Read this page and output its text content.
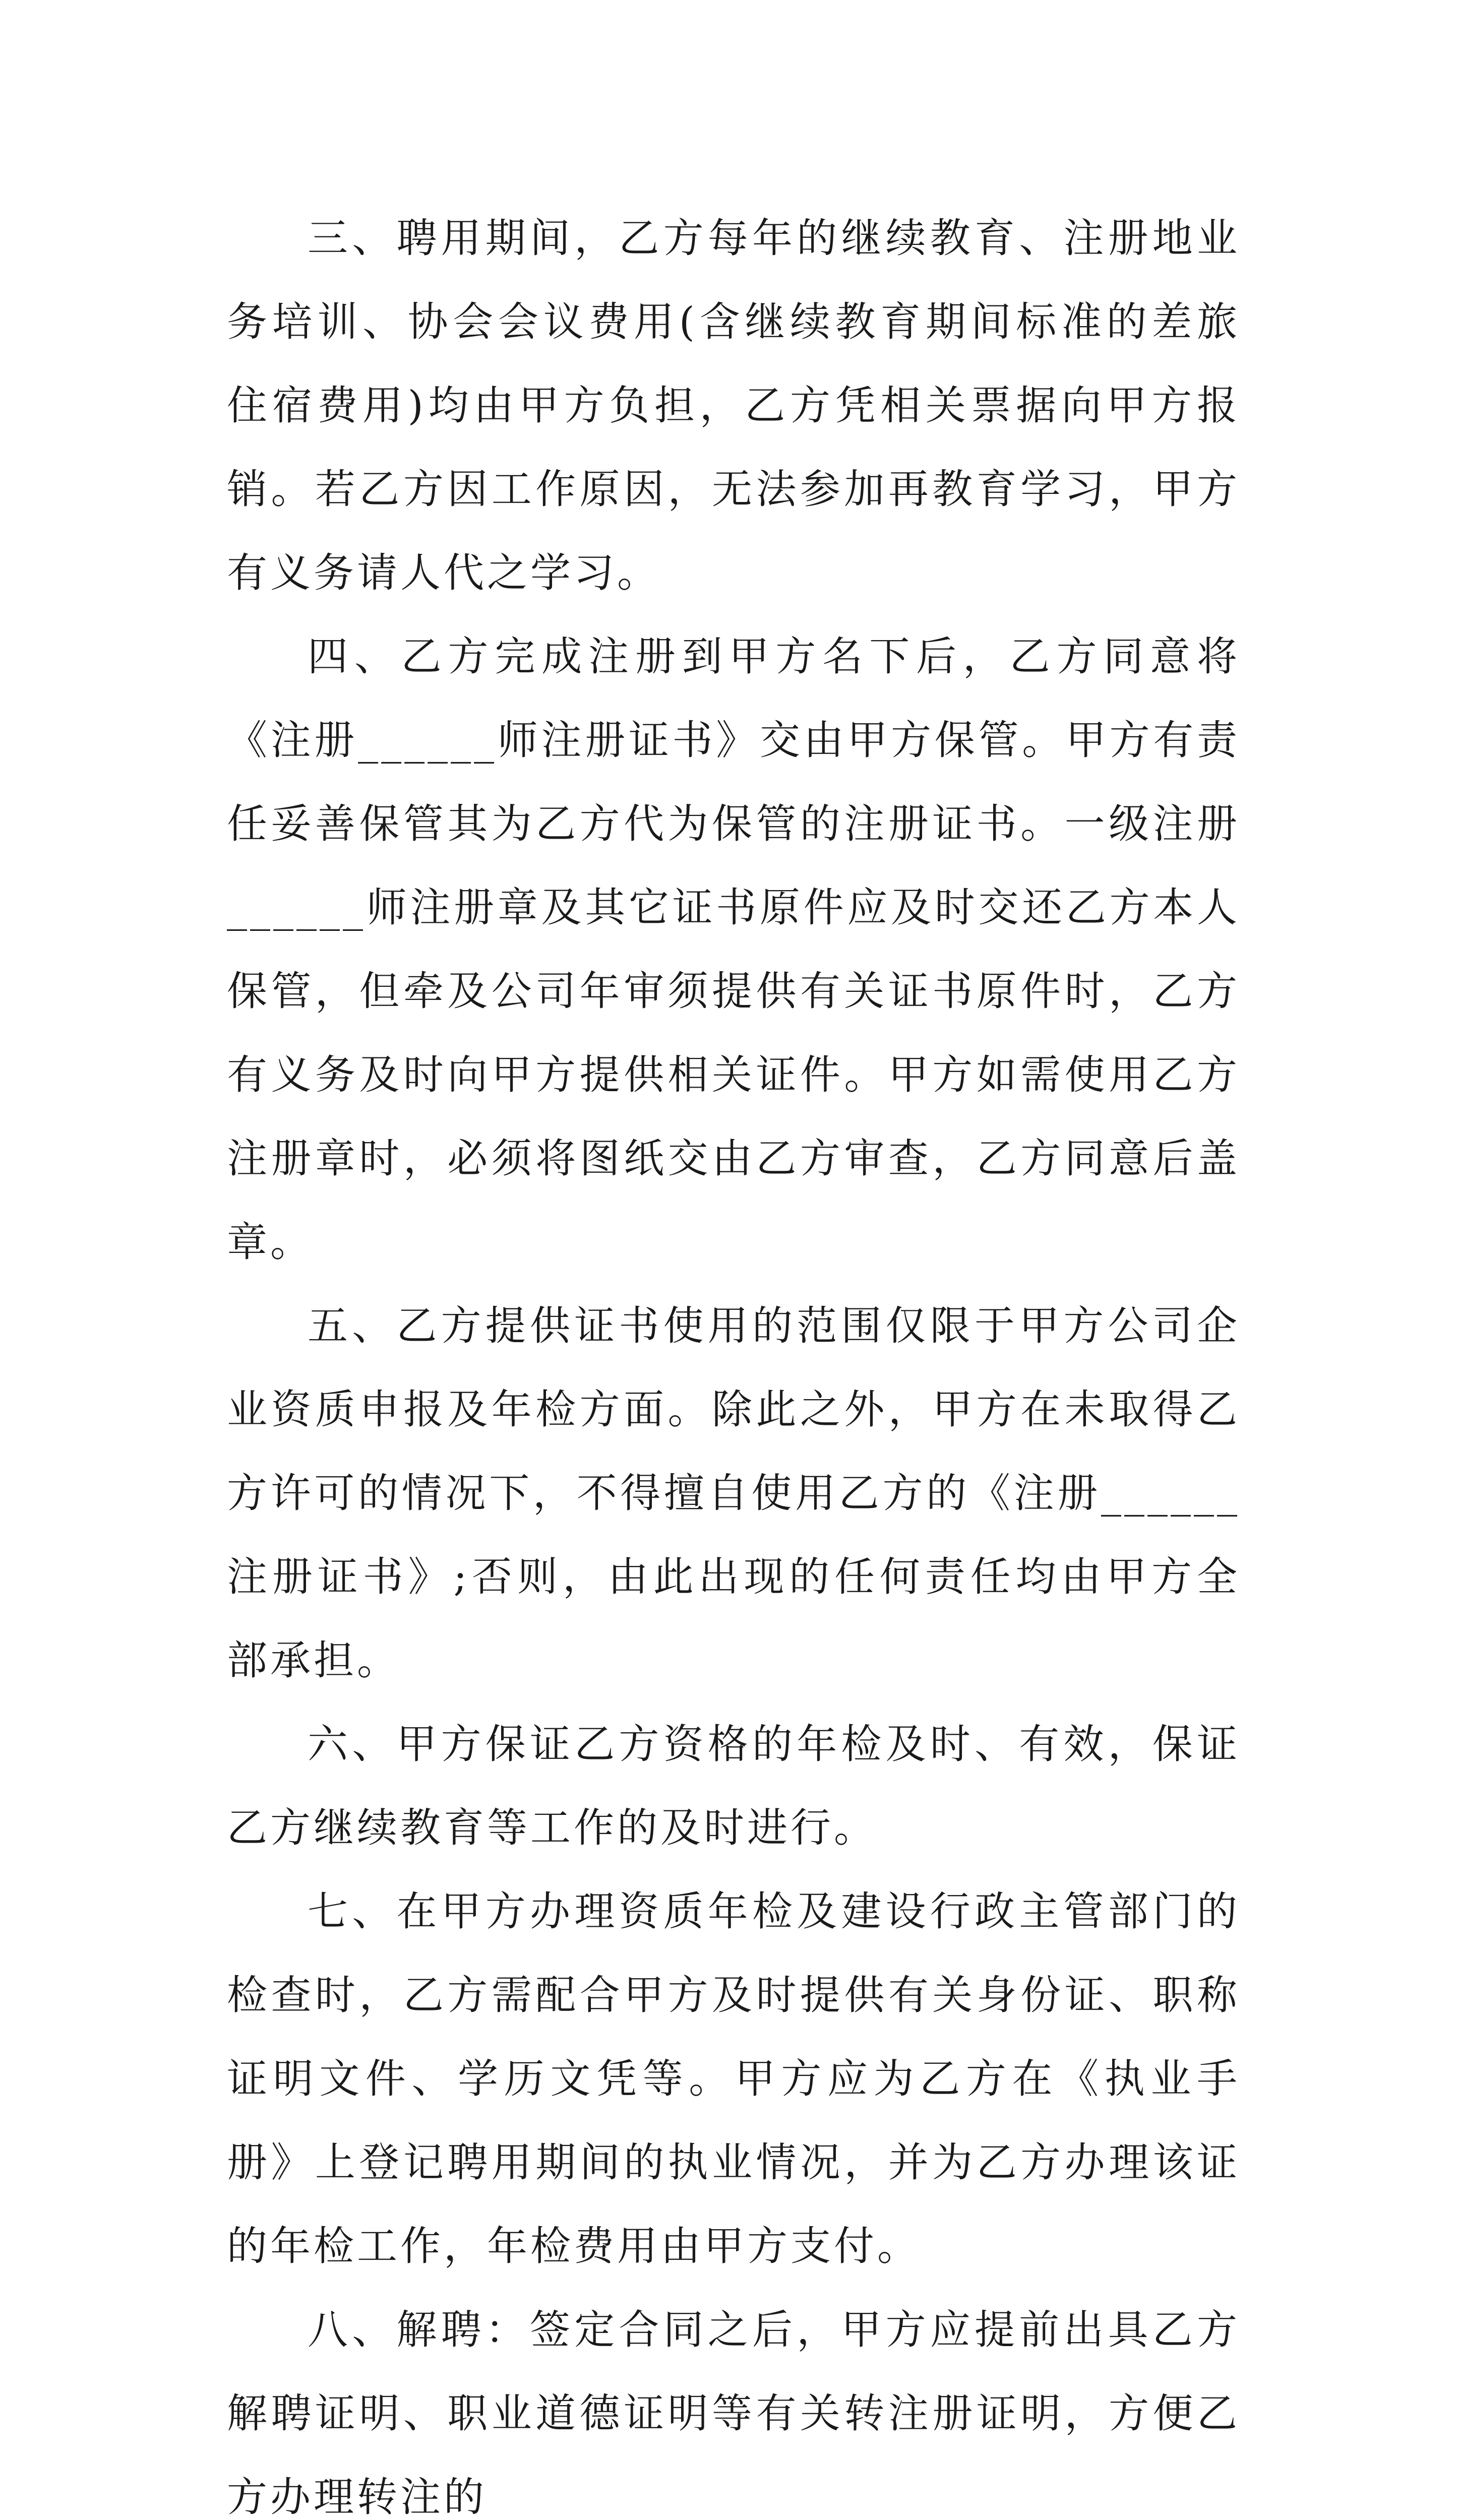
三、聘用期间，乙方每年的继续教育、注册地业务培训、协会会议费用(含继续教育期间标准的差旅住宿费用)均由甲方负担，乙方凭相关票据向甲方报销。若乙方因工作原因，无法参加再教育学习，甲方有义务请人代之学习。

四、乙方完成注册到甲方名下后，乙方同意将《注册______师注册证书》交由甲方保管。甲方有责任妥善保管其为乙方代为保管的注册证书。一级注册______师注册章及其它证书原件应及时交还乙方本人保管，但牵及公司年审须提供有关证书原件时，乙方有义务及时向甲方提供相关证件。甲方如需使用乙方注册章时，必须将图纸交由乙方审查，乙方同意后盖章。

五、乙方提供证书使用的范围仅限于甲方公司企业资质申报及年检方面。除此之外，甲方在未取得乙方许可的情况下，不得擅自使用乙方的《注册______注册证书》;否则，由此出现的任何责任均由甲方全部承担。

六、甲方保证乙方资格的年检及时、有效，保证乙方继续教育等工作的及时进行。

七、在甲方办理资质年检及建设行政主管部门的检查时，乙方需配合甲方及时提供有关身份证、职称证明文件、学历文凭等。甲方应为乙方在《执业手册》上登记聘用期间的执业情况，并为乙方办理该证的年检工作，年检费用由甲方支付。

八、解聘：签定合同之后，甲方应提前出具乙方解聘证明、职业道德证明等有关转注册证明，方便乙方办理转注的
